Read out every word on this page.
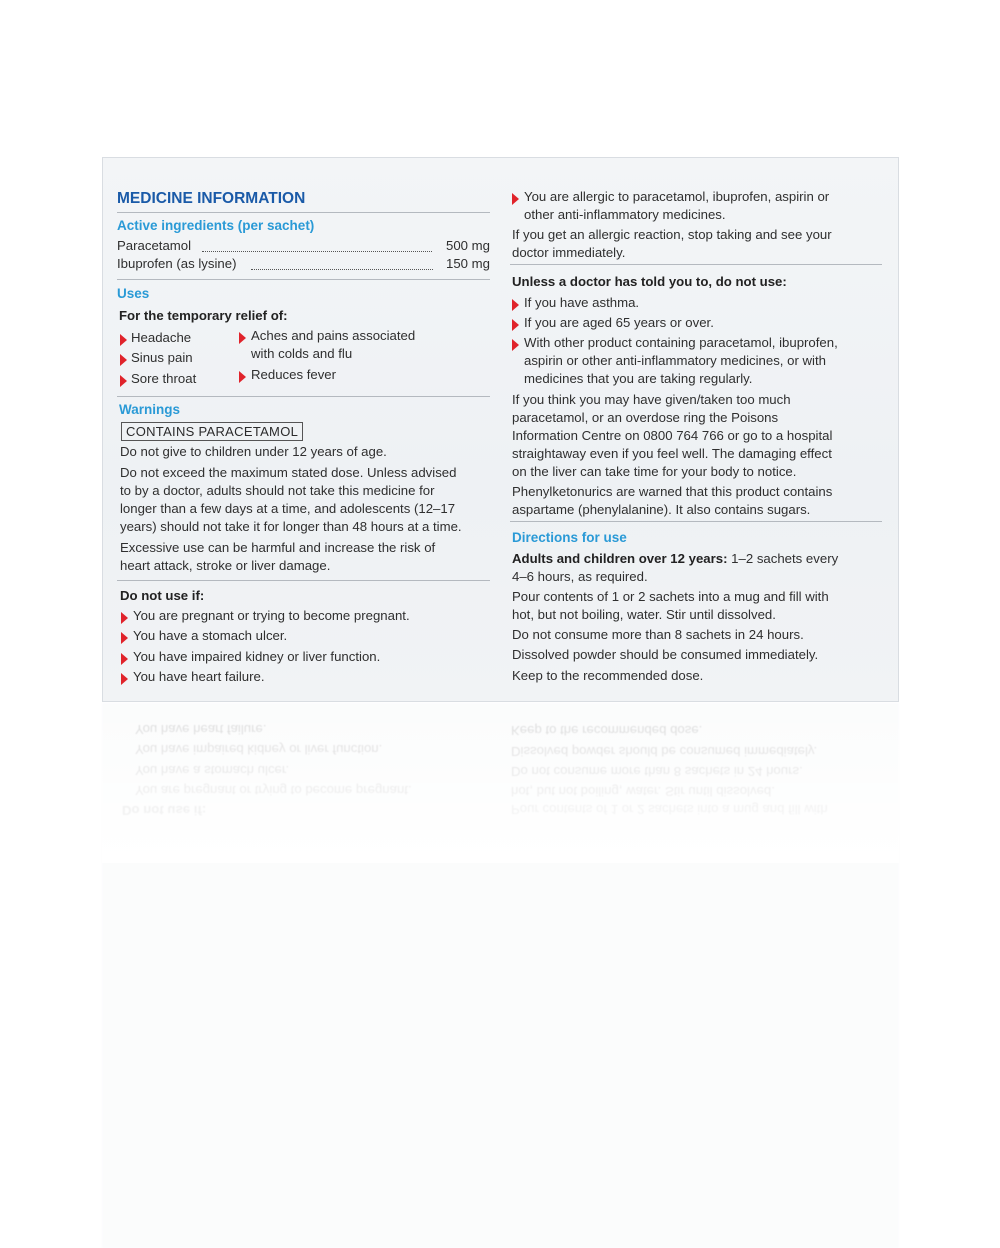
MEDICINE INFORMATION
Active ingredients (per sachet)
Paracetamol	500 mg
Ibuprofen (as lysine)	150 mg
Uses
For the temporary relief of:
Headache
Sinus pain
Sore throat
Aches and pains associated
with colds and flu
Reduces fever
Warnings
CONTAINS PARACETAMOL
Do not give to children under 12 years of age.
Do not exceed the maximum stated dose. Unless advised
to by a doctor, adults should not take this medicine for
longer than a few days at a time, and adolescents (12–17
years) should not take it for longer than 48 hours at a time.
Excessive use can be harmful and increase the risk of
heart attack, stroke or liver damage.
Do not use if:
You are pregnant or trying to become pregnant.
You have a stomach ulcer.
You have impaired kidney or liver function.
You have heart failure.
You are allergic to paracetamol, ibuprofen, aspirin or
other anti-inflammatory medicines.
If you get an allergic reaction, stop taking and see your
doctor immediately.
Unless a doctor has told you to, do not use:
If you have asthma.
If you are aged 65 years or over.
With other product containing paracetamol, ibuprofen,
aspirin or other anti-inflammatory medicines, or with
medicines that you are taking regularly.
If you think you may have given/taken too much
paracetamol, or an overdose ring the Poisons
Information Centre on 0800 764 766 or go to a hospital
straightaway even if you feel well. The damaging effect
on the liver can take time for your body to notice.
Phenylketonurics are warned that this product contains
aspartame (phenylalanine). It also contains sugars.
Directions for use
Adults and children over 12 years: 1–2 sachets every
4–6 hours, as required.
Pour contents of 1 or 2 sachets into a mug and fill with
hot, but not boiling, water. Stir until dissolved.
Do not consume more than 8 sachets in 24 hours.
Dissolved powder should be consumed immediately.
Keep to the recommended dose.
